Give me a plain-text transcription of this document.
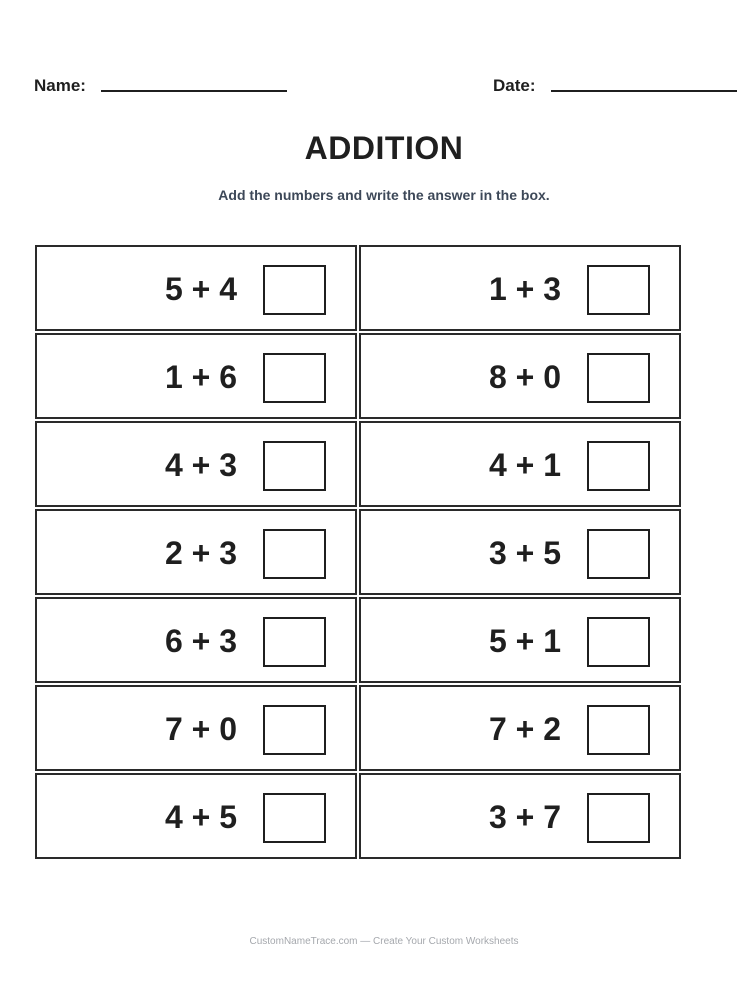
Name:	Date:
ADDITION
Add the numbers and write the answer in the box.
5 + 4	1 + 3
1 + 6	8 + 0
4 + 3	4 + 1
2 + 3	3 + 5
6 + 3	5 + 1
7 + 0	7 + 2
4 + 5	3 + 7
CustomNameTrace.com — Create Your Custom Worksheets
